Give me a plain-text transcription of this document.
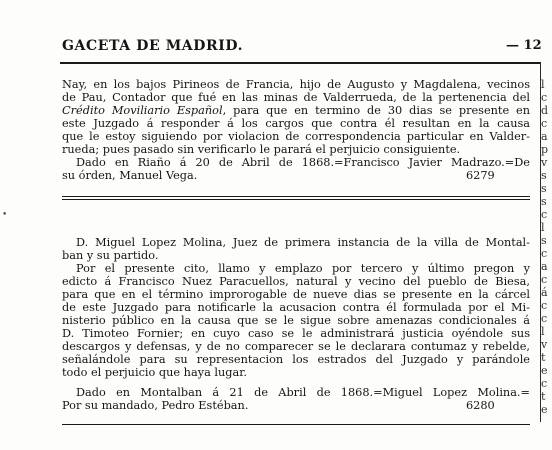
GACETA DE MADRID.	— 12
•
l
c
d
c
a
p
v
s
s
s
c
l
s
c
a
c
á
c
c
l
v
t
e
c
t
e
Nay, en los bajos Pirineos de Francia, hijo de Augusto y Magdalena, vecinos
de Pau, Contador que fué en las minas de Valderrueda, de la pertenencia del
Crédito Moviliario Español, para que en termino de 30 dias se presente en
este Juzgado á responder á los cargos que contra él resultan en la causa
que le estoy siguiendo por violacion de correspondencia particular en Valder-
rueda; pues pasado sin verificarlo le parará el perjuicio consiguiente.
Dado en Riaño á 20 de Abril de 1868.=Francisco Javier Madrazo.=De
su órden, Manuel Vega.	6279
D. Miguel Lopez Molina, Juez de primera instancia de la villa de Montal-
ban y su partido.
Por el presente cito, llamo y emplazo por tercero y último pregon y
edicto á Francisco Nuez Paracuellos, natural y vecino del pueblo de Biesa,
para que en el término improrogable de nueve dias se presente en la cárcel
de este Juzgado para notificarle la acusacion contra él formulada por el Mi-
nisterio público en la causa que se le sigue sobre amenazas condicionales á
D. Timoteo Fornier; en cuyo caso se le administrará justicia oyéndole sus
descargos y defensas, y de no comparecer se le declarara contumaz y rebelde,
señalándole para su representacion los estrados del Juzgado y parándole
todo el perjuicio que haya lugar.
Dado en Montalban á 21 de Abril de 1868.=Miguel Lopez Molina.=
Por su mandado, Pedro Estéban.	6280
